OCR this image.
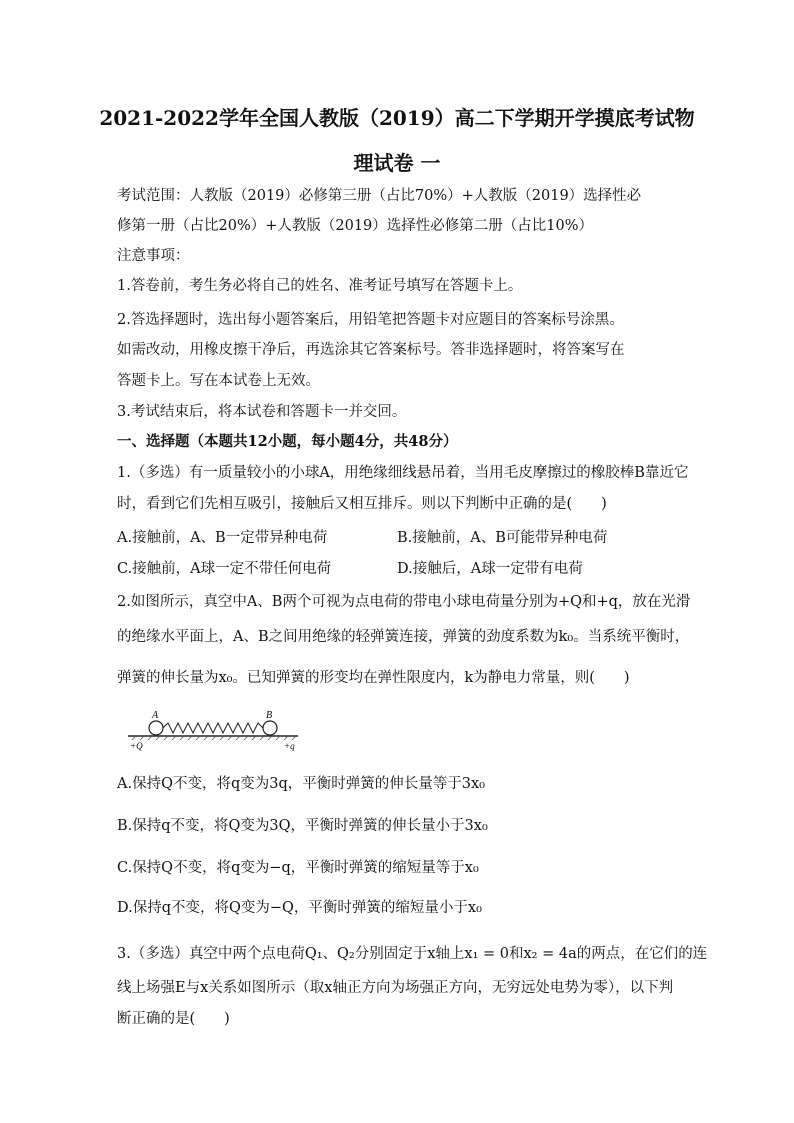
2021-2022学年全国人教版（2019）高二下学期开学摸底考试物
理试卷 一
考试范围：人教版（2019）必修第三册（占比70%）+人教版（2019）选择性必
修第一册（占比20%）+人教版（2019）选择性必修第二册（占比10%）
注意事项：
1.答卷前，考生务必将自己的姓名、准考证号填写在答题卡上。
2.答选择题时，选出每小题答案后，用铅笔把答题卡对应题目的答案标号涂黑。
如需改动，用橡皮擦干净后，再选涂其它答案标号。答非选择题时，将答案写在
答题卡上。写在本试卷上无效。
3.考试结束后，将本试卷和答题卡一并交回。
一、选择题（本题共12小题，每小题4分，共48分）
1.（多选）有一质量较小的小球A，用绝缘细线悬吊着，当用毛皮摩擦过的橡胶棒B靠近它
时，看到它们先相互吸引，接触后又相互排斥。则以下判断中正确的是(　　)
A.接触前，A、B一定带异种电荷	B.接触前，A、B可能带异种电荷
C.接触前，A球一定不带任何电荷	D.接触后，A球一定带有电荷
2.如图所示，真空中A、B两个可视为点电荷的带电小球电荷量分别为+Q和+q，放在光滑
的绝缘水平面上，A、B之间用绝缘的轻弹簧连接，弹簧的劲度系数为k₀。当系统平衡时，
弹簧的伸长量为x₀。已知弹簧的形变均在弹性限度内，k为静电力常量，则(　　)
A	B
+Q	+q
A.保持Q不变，将q变为3q，平衡时弹簧的伸长量等于3x₀
B.保持q不变，将Q变为3Q，平衡时弹簧的伸长量小于3x₀
C.保持Q不变，将q变为−q，平衡时弹簧的缩短量等于x₀
D.保持q不变，将Q变为−Q，平衡时弹簧的缩短量小于x₀
3.（多选）真空中两个点电荷Q₁、Q₂分别固定于x轴上x₁ = 0和x₂ = 4a的两点，在它们的连
线上场强E与x关系如图所示（取x轴正方向为场强正方向，无穷远处电势为零），以下判
断正确的是(　　)
